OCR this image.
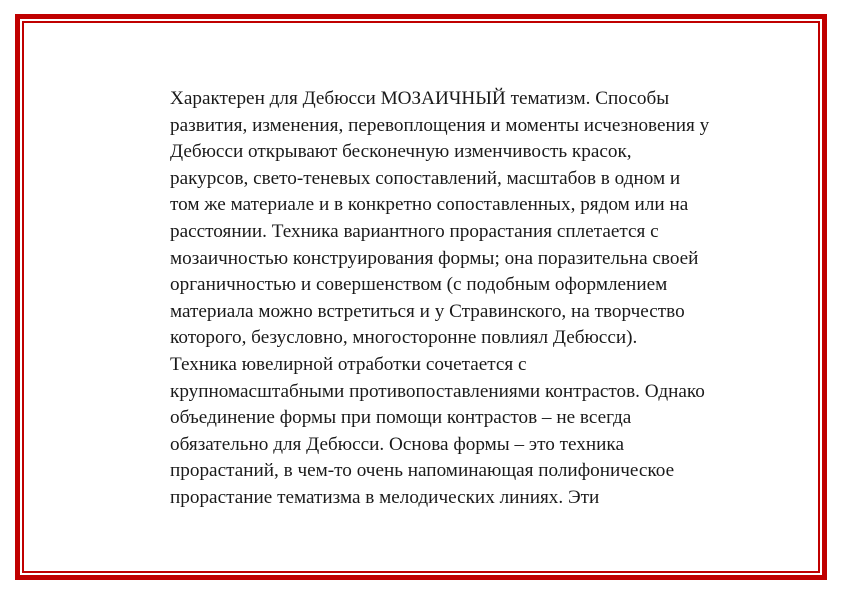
Характерен для Дебюсси МОЗАИЧНЫЙ тематизм. Способы
развития, изменения, перевоплощения и моменты исчезновения у
Дебюсси открывают бесконечную изменчивость красок,
ракурсов, свето-теневых сопоставлений, масштабов в одном и
том же материале и в конкретно сопоставленных, рядом или на
расстоянии. Техника вариантного прорастания сплетается с
мозаичностью конструирования формы; она поразительна своей
органичностью и совершенством (с подобным оформлением
материала можно встретиться и у Стравинского, на творчество
которого, безусловно, многосторонне повлиял Дебюсси).
Техника ювелирной отработки сочетается с
крупномасштабными противопоставлениями контрастов. Однако
объединение формы при помощи контрастов – не всегда
обязательно для Дебюсси. Основа формы – это техника
прорастаний, в чем-то очень напоминающая полифоническое
прорастание тематизма в мелодических линиях. Эти
